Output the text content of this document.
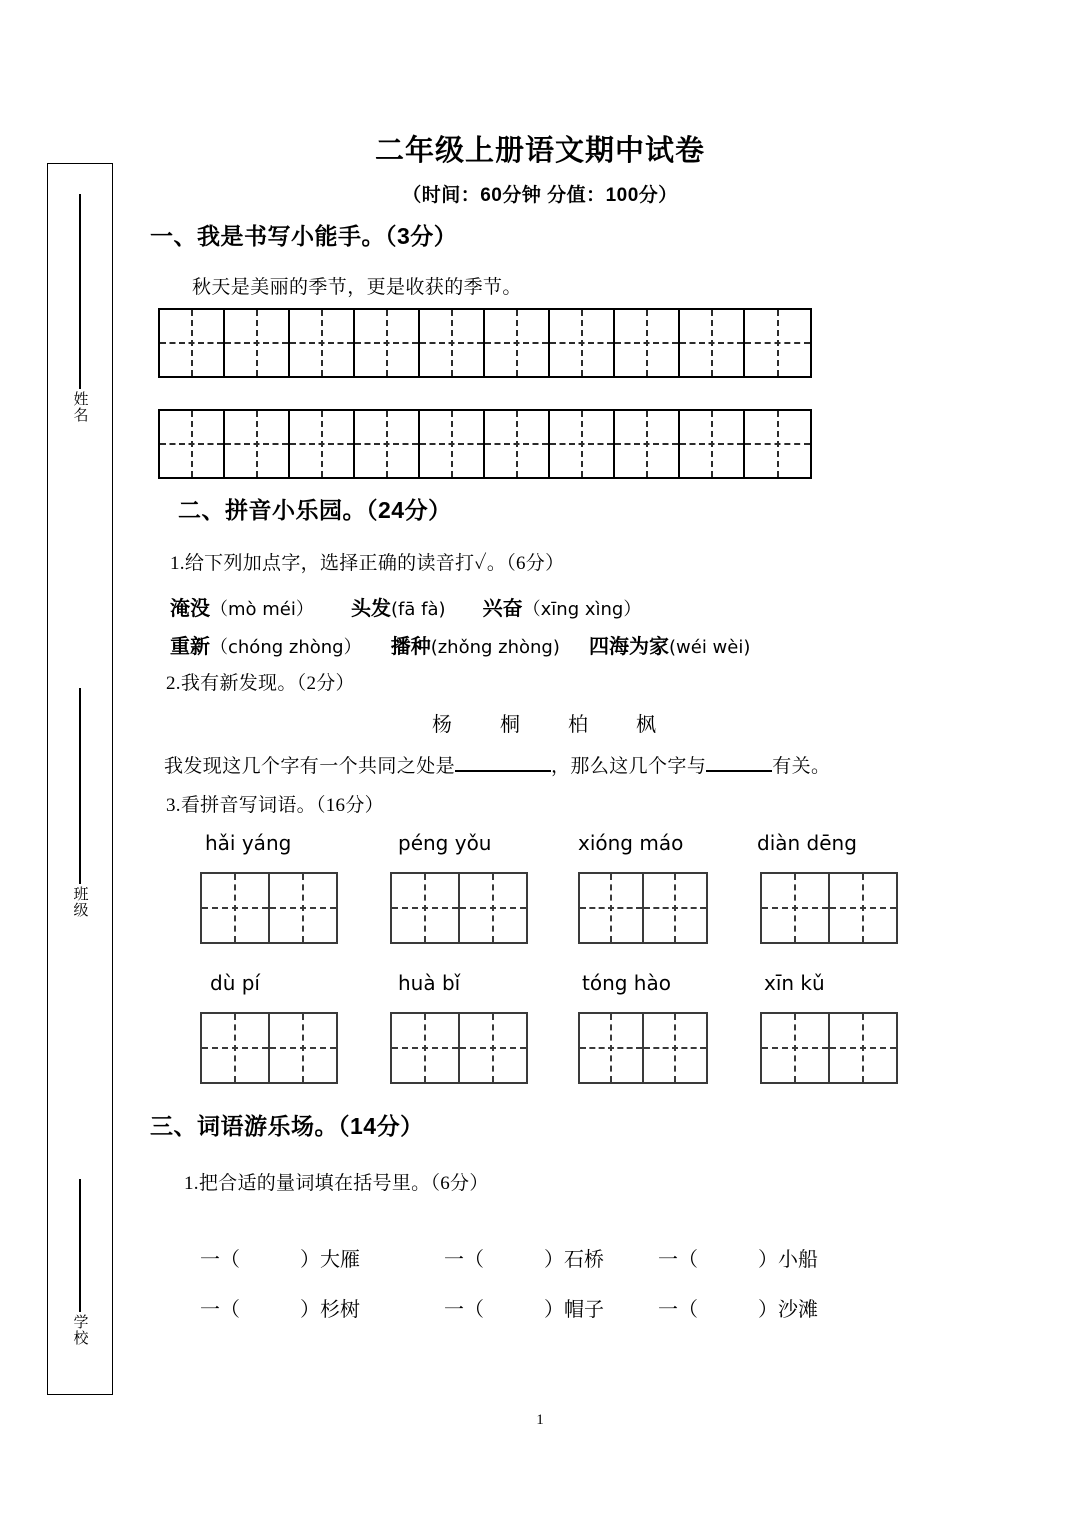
姓名
班级
学校
二年级上册语文期中试卷
（时间：60分钟 分值：100分）
一、我是书写小能手。（3分）
秋天是美丽的季节，更是收获的季节。
二、拼音小乐园。（24分）
1.给下列加点字，选择正确的读音打✓。（6分）
淹没（mò méi） 头发(fā fà) 兴奋（xīng xìng）
重新（chóng zhòng） 播种(zhǒng zhòng) 四海为家(wéi wèi)
2.我有新发现。（2分）
杨　桐　柏　枫
我发现这几个字有一个共同之处是	，那么这几个字与	有关。
3.看拼音写词语。（16分）
hǎi yáng	péng yǒu	xióng máo	diàn dēng
dù pí	huà bǐ	tóng hào	xīn kǔ
三、词语游乐场。（14分）
1.把合适的量词填在括号里。（6分）
一（	）大雁	一（	）石桥	一（	）小船
一（	）杉树	一（	）帽子	一（	）沙滩
1
